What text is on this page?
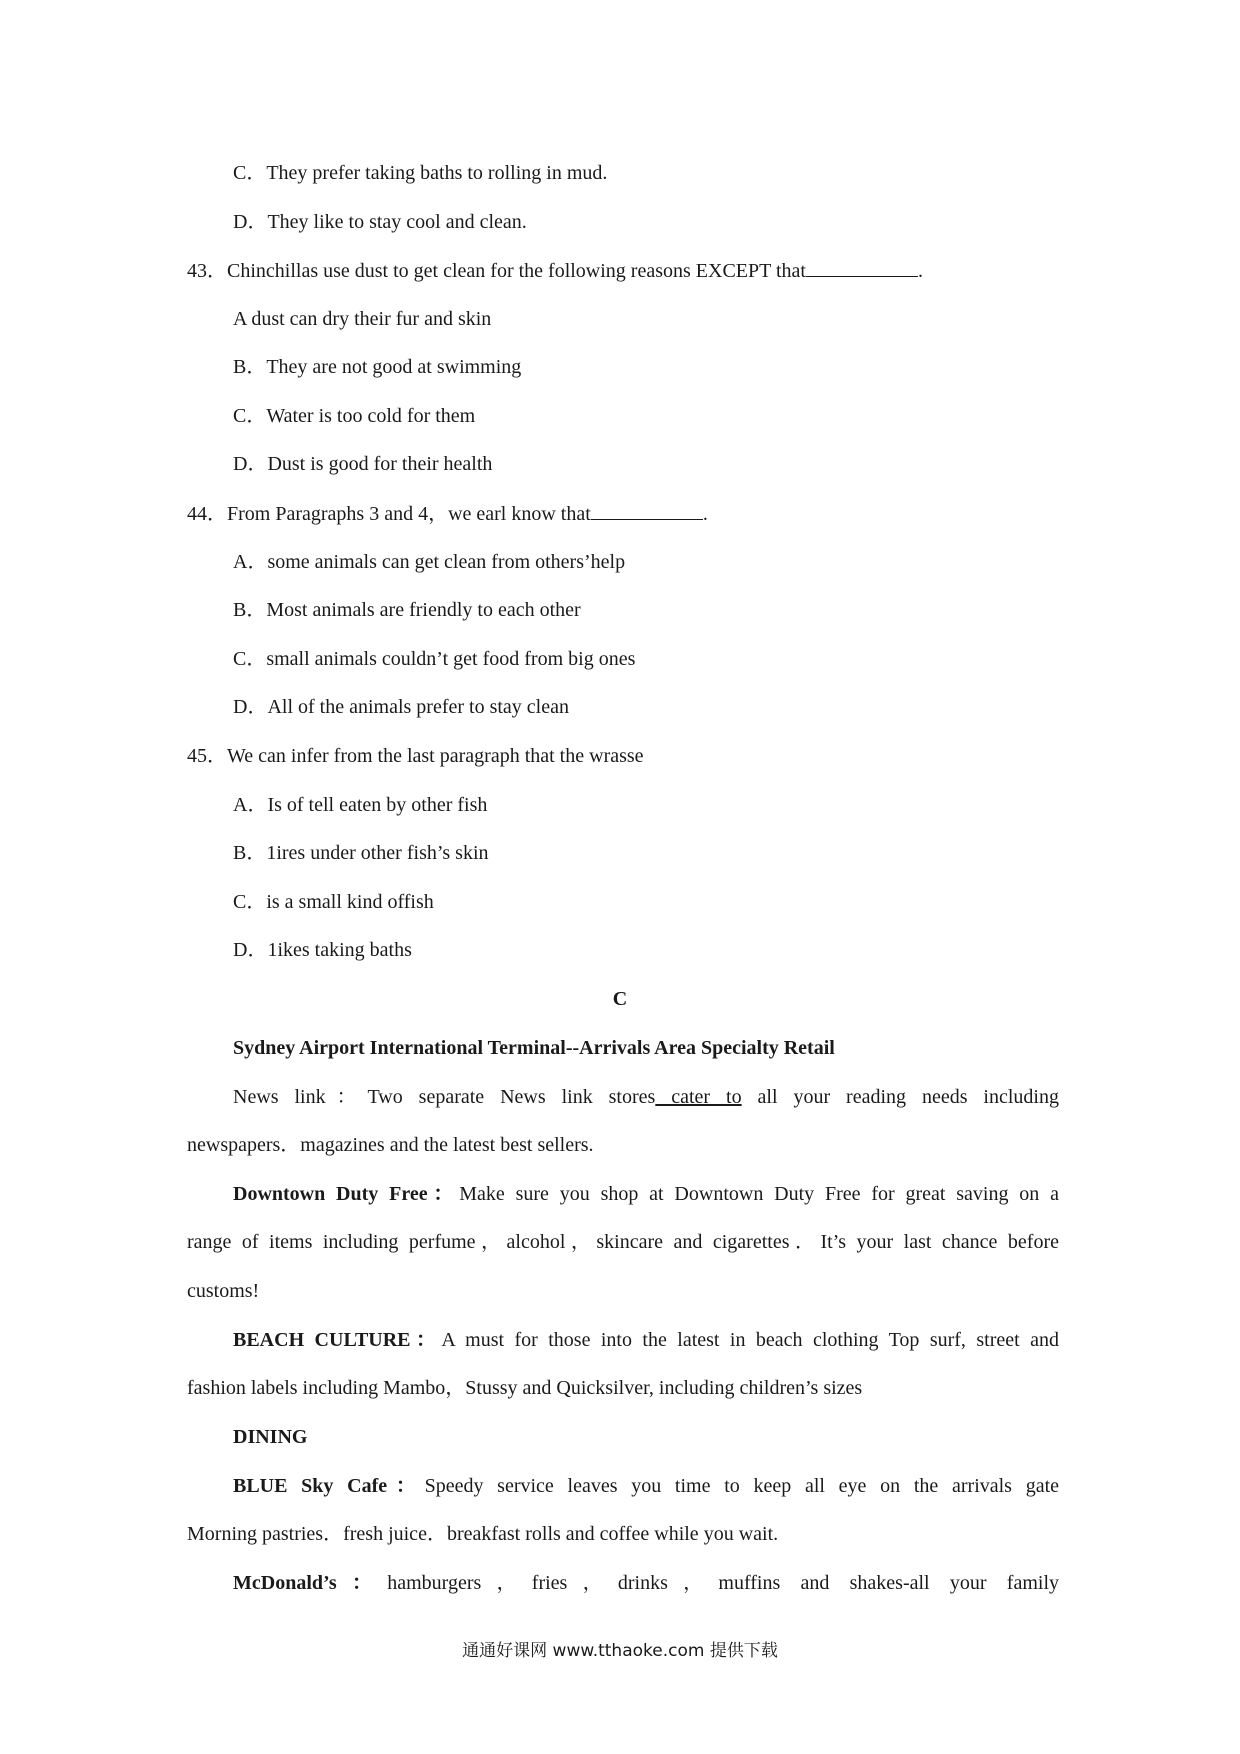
C．They prefer taking baths to rolling in mud.
D．They like to stay cool and clean.
43．Chinchillas use dust to get clean for the following reasons EXCEPT that	.
A dust can dry their fur and skin
B．They are not good at swimming
C．Water is too cold for them
D．Dust is good for their health
44．From Paragraphs 3 and 4，we earl know that	.
A．some animals can get clean from others’help
B．Most animals are friendly to each other
C．small animals couldn’t get food from big ones
D．All of the animals prefer to stay clean
45．We can infer from the last paragraph that the wrasse
A．Is of tell eaten by other fish
B．1ires under other fish’s skin
C．is a small kind offish
D．1ikes taking baths
C
Sydney Airport International Terminal--Arrivals Area Specialty Retail
News link：Two separate News link stores cater to all your reading needs including
newspapers．magazines and the latest best sellers.
Downtown Duty Free：Make sure you shop at Downtown Duty Free for great saving on a
range of items including perfume，alcohol，skincare and cigarettes．It’s your last chance before
customs!
BEACH CULTURE：A must for those into the latest in beach clothing Top surf, street and
fashion labels including Mambo，Stussy and Quicksilver, including children’s sizes
DINING
BLUE Sky Cafe：Speedy service leaves you time to keep all eye on the arrivals gate
Morning pastries．fresh juice．breakfast rolls and coffee while you wait.
McDonald’s：hamburgers，fries，drinks，muffins and shakes-all your family
通通好课网 www.tthaoke.com 提供下载
